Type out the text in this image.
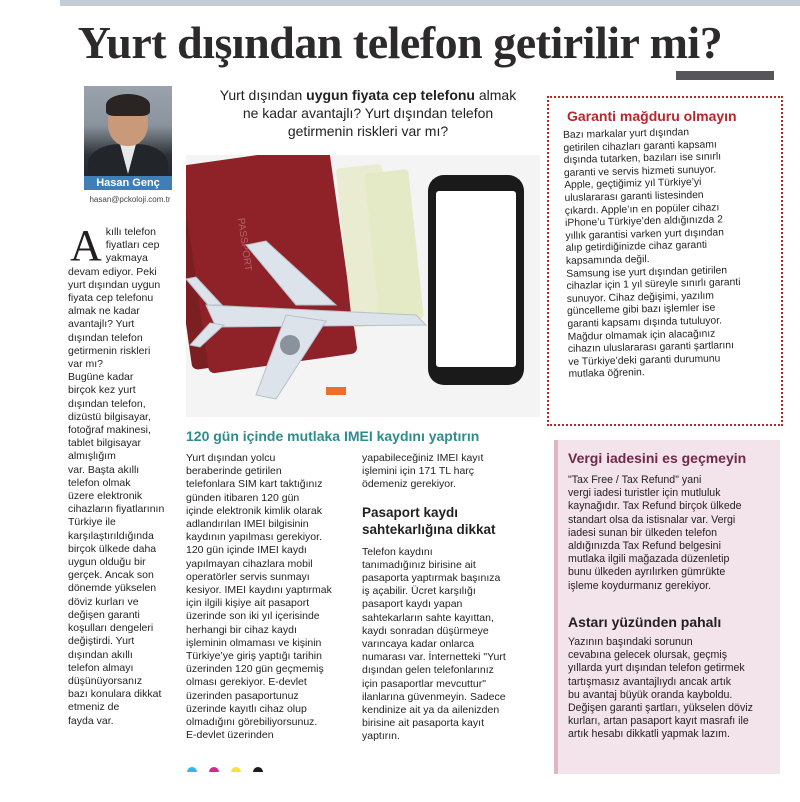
Yurt dışından telefon getirilir mi?
Hasan Genç
hasan@pckoloji.com.tr
Akıllı telefon
fiyatları cep
yakmaya
devam ediyor. Peki
yurt dışından uygun
fiyata cep telefonu
almak ne kadar
avantajlı? Yurt
dışından telefon
getirmenin riskleri
var mı?
Bugüne kadar
birçok kez yurt
dışından telefon,
dizüstü bilgisayar,
fotoğraf makinesi,
tablet bilgisayar
almışlığım
var. Başta akıllı
telefon olmak
üzere elektronik
cihazların fiyatlarının
Türkiye ile
karşılaştırıldığında
birçok ülkede daha
uygun olduğu bir
gerçek. Ancak son
dönemde yükselen
döviz kurları ve
değişen garanti
koşulları dengeleri
değiştirdi. Yurt
dışından akıllı
telefon almayı
düşünüyorsanız
bazı konulara dikkat
etmeniz de
fayda var.
Yurt dışından uygun fiyata cep telefonu almak
ne kadar avantajlı? Yurt dışından telefon
getirmenin riskleri var mı?
PASSPORT
120 gün içinde mutlaka IMEI kaydını yaptırın
Yurt dışından yolcu
beraberinde getirilen
telefonlara SIM kart taktığınız
günden itibaren 120 gün
içinde elektronik kimlik olarak
adlandırılan IMEI bilgisinin
kaydının yapılması gerekiyor.
120 gün içinde IMEI kaydı
yapılmayan cihazlara mobil
operatörler servis sunmayı
kesiyor. IMEI kaydını yaptırmak
için ilgili kişiye ait pasaport
üzerinde son iki yıl içerisinde
herhangi bir cihaz kaydı
işleminin olmaması ve kişinin
Türkiye’ye giriş yaptığı tarihin
üzerinden 120 gün geçmemiş
olması gerekiyor. E-devlet
üzerinden pasaportunuz
üzerinde kayıtlı cihaz olup
olmadığını görebiliyorsunuz.
E-devlet üzerinden
yapabileceğiniz IMEI kayıt
işlemini için 171 TL harç
ödemeniz gerekiyor.
Pasaport kaydı
sahtekarlığına dikkat
Telefon kaydını
tanımadığınız birisine ait
pasaporta yaptırmak başınıza
iş açabilir. Ücret karşılığı
pasaport kaydı yapan
sahtekarların sahte kayıttan,
kaydı sonradan düşürmeye
varıncaya kadar onlarca
numarası var. İnternetteki "Yurt
dışından gelen telefonlarınız
için pasaportlar mevcuttur"
ilanlarına güvenmeyin. Sadece
kendinize ait ya da ailenizden
birisine ait pasaporta kayıt
yaptırın.
Garanti mağduru olmayın
Bazı markalar yurt dışından
getirilen cihazları garanti kapsamı
dışında tutarken, bazıları ise sınırlı
garanti ve servis hizmeti sunuyor.
Apple, geçtiğimiz yıl Türkiye’yi
uluslararası garanti listesinden
çıkardı. Apple’ın en popüler cihazı
iPhone’u Türkiye’den aldığınızda 2
yıllık garantisi varken yurt dışından
alıp getirdiğinizde cihaz garanti
kapsamında değil.
Samsung ise yurt dışından getirilen
cihazlar için 1 yıl süreyle sınırlı garanti
sunuyor. Cihaz değişimi, yazılım
güncelleme gibi bazı işlemler ise
garanti kapsamı dışında tutuluyor.
Mağdur olmamak için alacağınız
cihazın uluslararası garanti şartlarını
ve Türkiye’deki garanti durumunu
mutlaka öğrenin.
Vergi iadesini es geçmeyin
"Tax Free / Tax Refund" yani
vergi iadesi turistler için mutluluk
kaynağıdır. Tax Refund birçok ülkede
standart olsa da istisnalar var. Vergi
iadesi sunan bir ülkeden telefon
aldığınızda Tax Refund belgesini
mutlaka ilgili mağazada düzenletip
bunu ülkeden ayrılırken gümrükte
işleme koydurmanız gerekiyor.
Astarı yüzünden pahalı
Yazının başındaki sorunun
cevabına gelecek olursak, geçmiş
yıllarda yurt dışından telefon getirmek
tartışmasız avantajlıydı ancak artık
bu avantaj büyük oranda kayboldu.
Değişen garanti şartları, yükselen döviz
kurları, artan pasaport kayıt masrafı ile
artık hesabı dikkatli yapmak lazım.
